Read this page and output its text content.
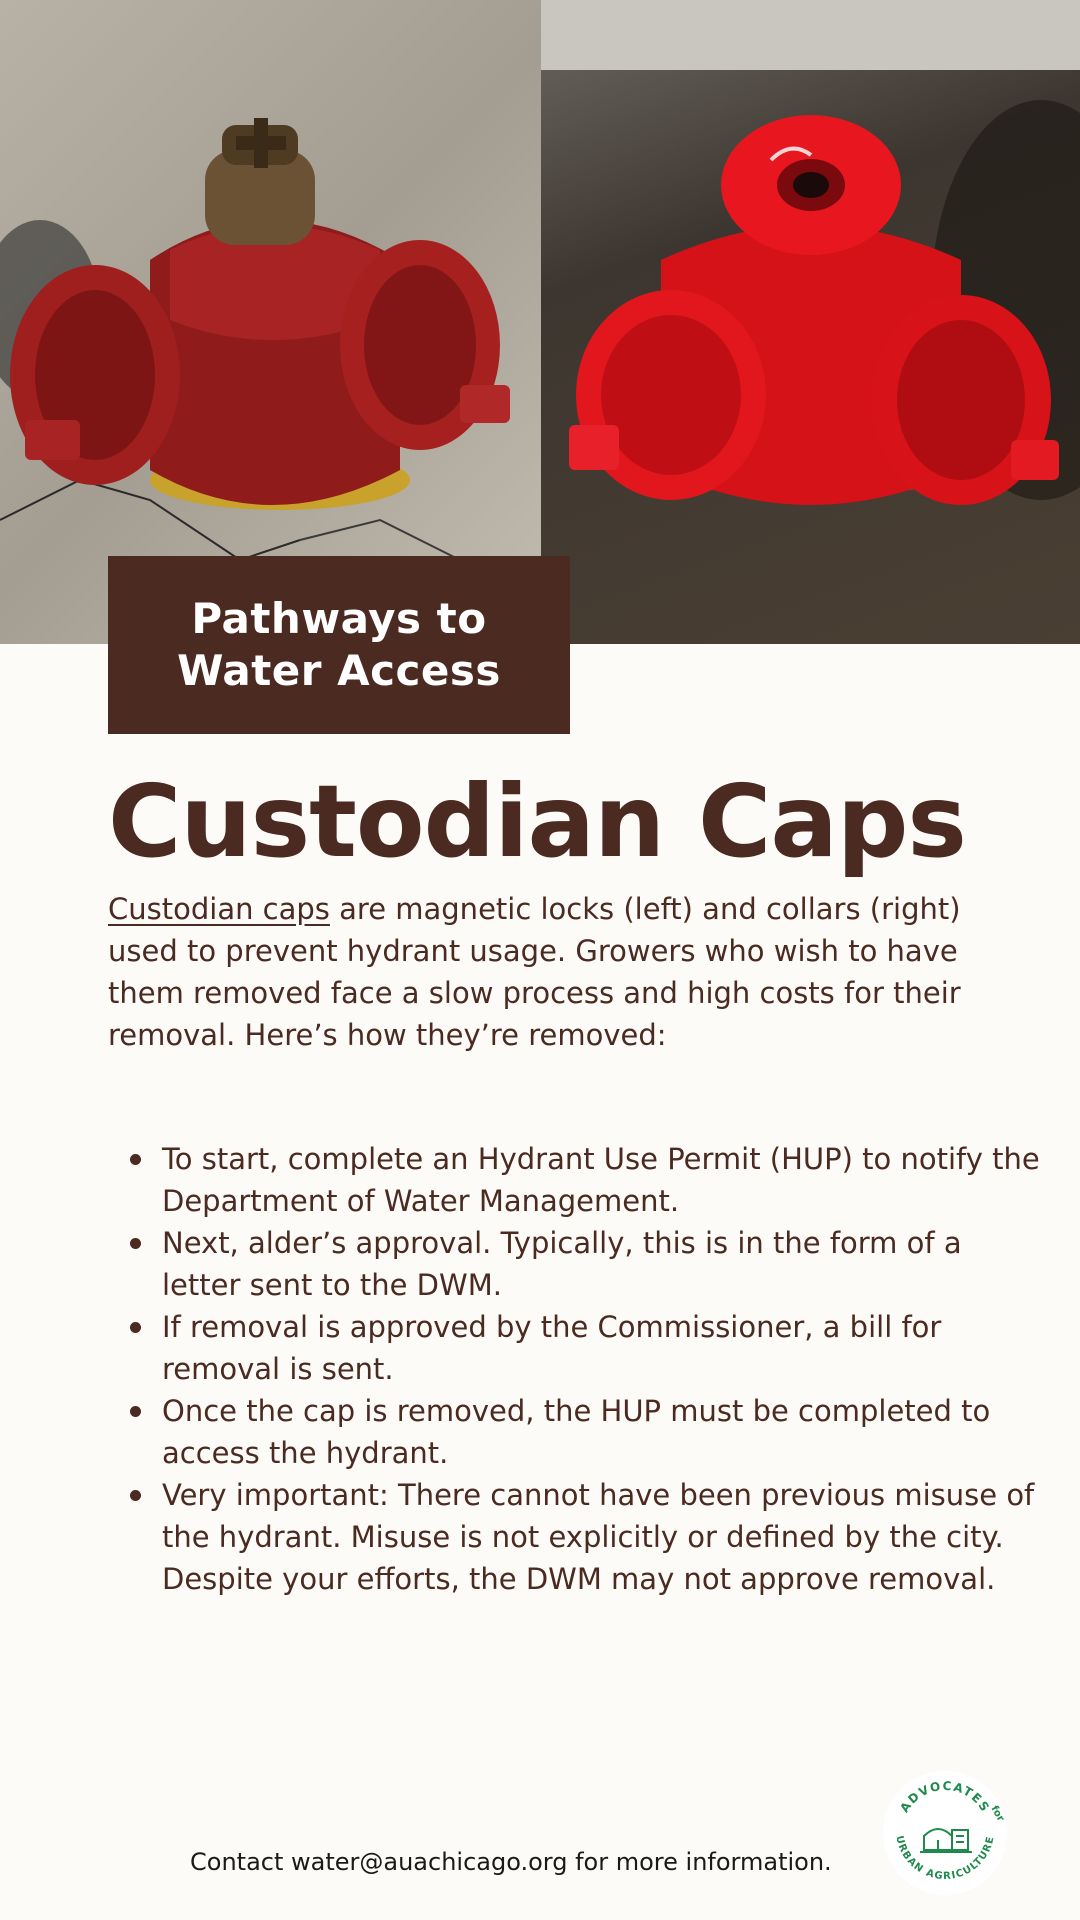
Pathways to
Water Access
Custodian Caps

Custodian caps are magnetic locks (left) and collars (right) used to prevent hydrant usage. Growers who wish to have them removed face a slow process and high costs for their removal. Here’s how they’re removed:

To start, complete an Hydrant Use Permit (HUP) to notify the Department of Water Management.
Next, alder’s approval. Typically, this is in the form of a letter sent to the DWM.
If removal is approved by the Commissioner, a bill for removal is sent.
Once the cap is removed, the HUP must be completed to access the hydrant.
Very important: There cannot have been previous misuse of the hydrant. Misuse is not explicitly or defined by the city. Despite your efforts, the DWM may not approve removal.
Contact water@auachicago.org for more information.
ADVOCATES
URBAN AGRICULTURE
for
